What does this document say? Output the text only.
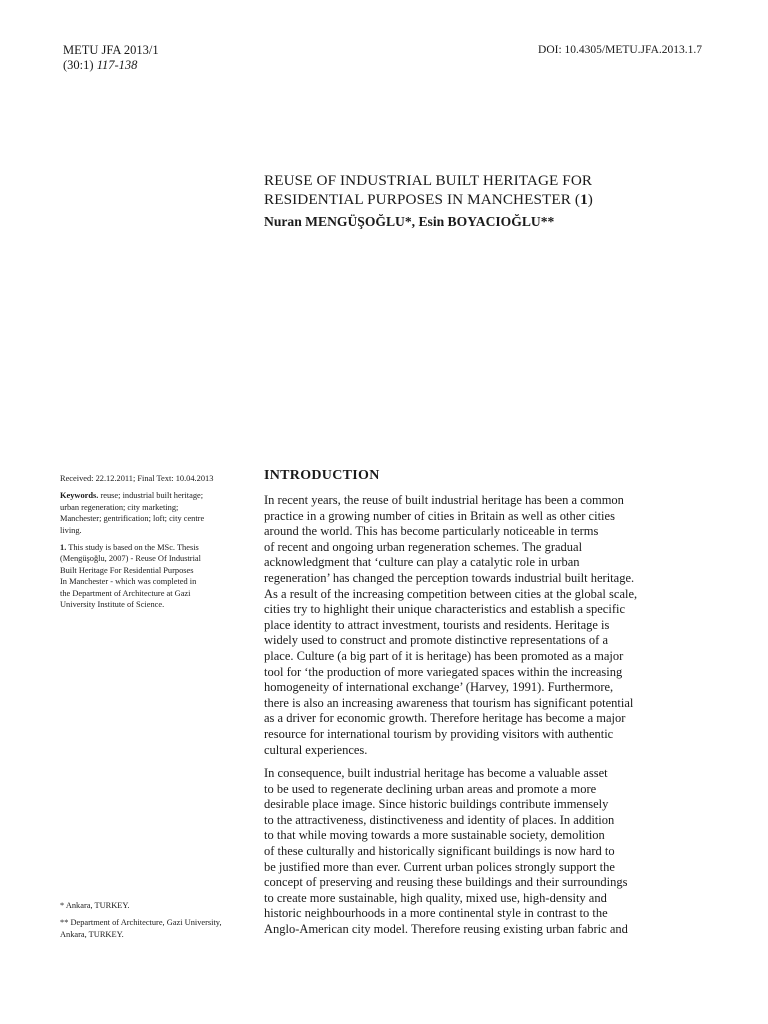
METU JFA 2013/1
(30:1) 117-138
DOI: 10.4305/METU.JFA.2013.1.7
REUSE OF INDUSTRIAL BUILT HERITAGE FOR
RESIDENTIAL PURPOSES IN MANCHESTER (1)
Nuran MENGÜŞOĞLU*, Esin BOYACIOĞLU**

Received: 22.12.2011; Final Text: 10.04.2013

Keywords. reuse; industrial built heritage;
urban regeneration; city marketing;
Manchester; gentrification; loft; city centre
living.

1. This study is based on the MSc. Thesis
(Mengüşoğlu, 2007) - Reuse Of Industrial
Built Heritage For Residential Purposes
In Manchester - which was completed in
the Department of Architecture at Gazi
University Institute of Science.

* Ankara, TURKEY.

** Department of Architecture, Gazi University,
Ankara, TURKEY.

INTRODUCTION
In recent years, the reuse of built industrial heritage has been a common
practice in a growing number of cities in Britain as well as other cities
around the world. This has become particularly noticeable in terms
of recent and ongoing urban regeneration schemes. The gradual
acknowledgment that ‘culture can play a catalytic role in urban
regeneration’ has changed the perception towards industrial built heritage.
As a result of the increasing competition between cities at the global scale,
cities try to highlight their unique characteristics and establish a specific
place identity to attract investment, tourists and residents. Heritage is
widely used to construct and promote distinctive representations of a
place. Culture (a big part of it is heritage) has been promoted as a major
tool for ‘the production of more variegated spaces within the increasing
homogeneity of international exchange’ (Harvey, 1991). Furthermore,
there is also an increasing awareness that tourism has significant potential
as a driver for economic growth. Therefore heritage has become a major
resource for international tourism by providing visitors with authentic
cultural experiences.
In consequence, built industrial heritage has become a valuable asset
to be used to regenerate declining urban areas and promote a more
desirable place image. Since historic buildings contribute immensely
to the attractiveness, distinctiveness and identity of places. In addition
to that while moving towards a more sustainable society, demolition
of these culturally and historically significant buildings is now hard to
be justified more than ever. Current urban polices strongly support the
concept of preserving and reusing these buildings and their surroundings
to create more sustainable, high quality, mixed use, high-density and
historic neighbourhoods in a more continental style in contrast to the
Anglo-American city model. Therefore reusing existing urban fabric and
